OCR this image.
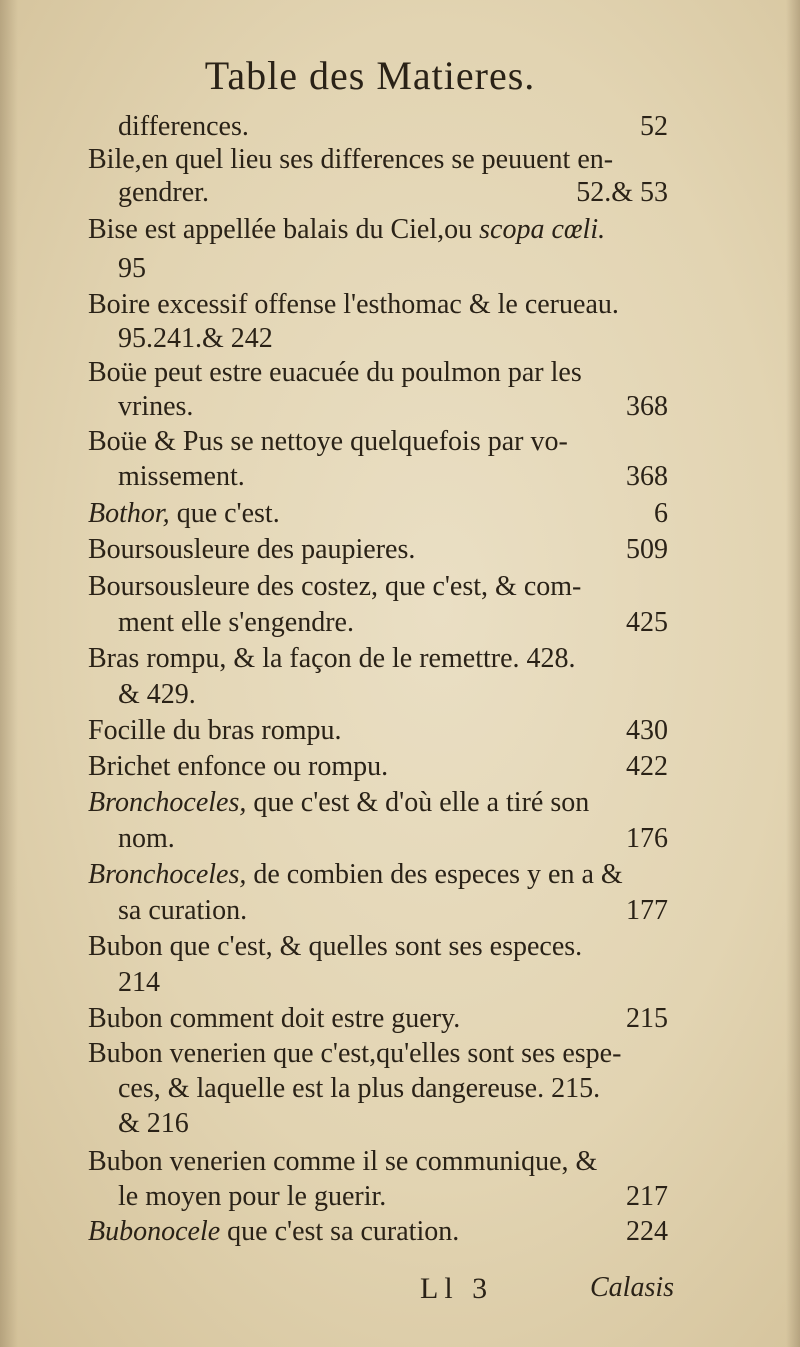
Table des Matieres.
differences.	52
Bile,en quel lieu ses differences se peuuent en-
gendrer.	52.& 53
Bise est appellée balais du Ciel,ou scopa cœli.
95
Boire excessif offense l'esthomac & le cerueau.
95.241.& 242
Boüe peut estre euacuée du poulmon par les
vrines.	368
Boüe & Pus se nettoye quelquefois par vo-
missement.	368
Bothor, que c'est.	6
Boursousleure des paupieres.	509
Boursousleure des costez, que c'est, & com-
ment elle s'engendre.	425
Bras rompu, & la façon de le remettre. 428.
& 429.
Focille du bras rompu.	430
Brichet enfonce ou rompu.	422
Bronchoceles, que c'est & d'où elle a tiré son
nom.	176
Bronchoceles, de combien des especes y en a &
sa curation.	177
Bubon que c'est, & quelles sont ses especes.
214
Bubon comment doit estre guery.	215
Bubon venerien que c'est,qu'elles sont ses espe-
ces, & laquelle est la plus dangereuse. 215.
& 216
Bubon venerien comme il se communique, &
le moyen pour le guerir.	217
Bubonocele que c'est sa curation.	224
Ll 3	Calasis
